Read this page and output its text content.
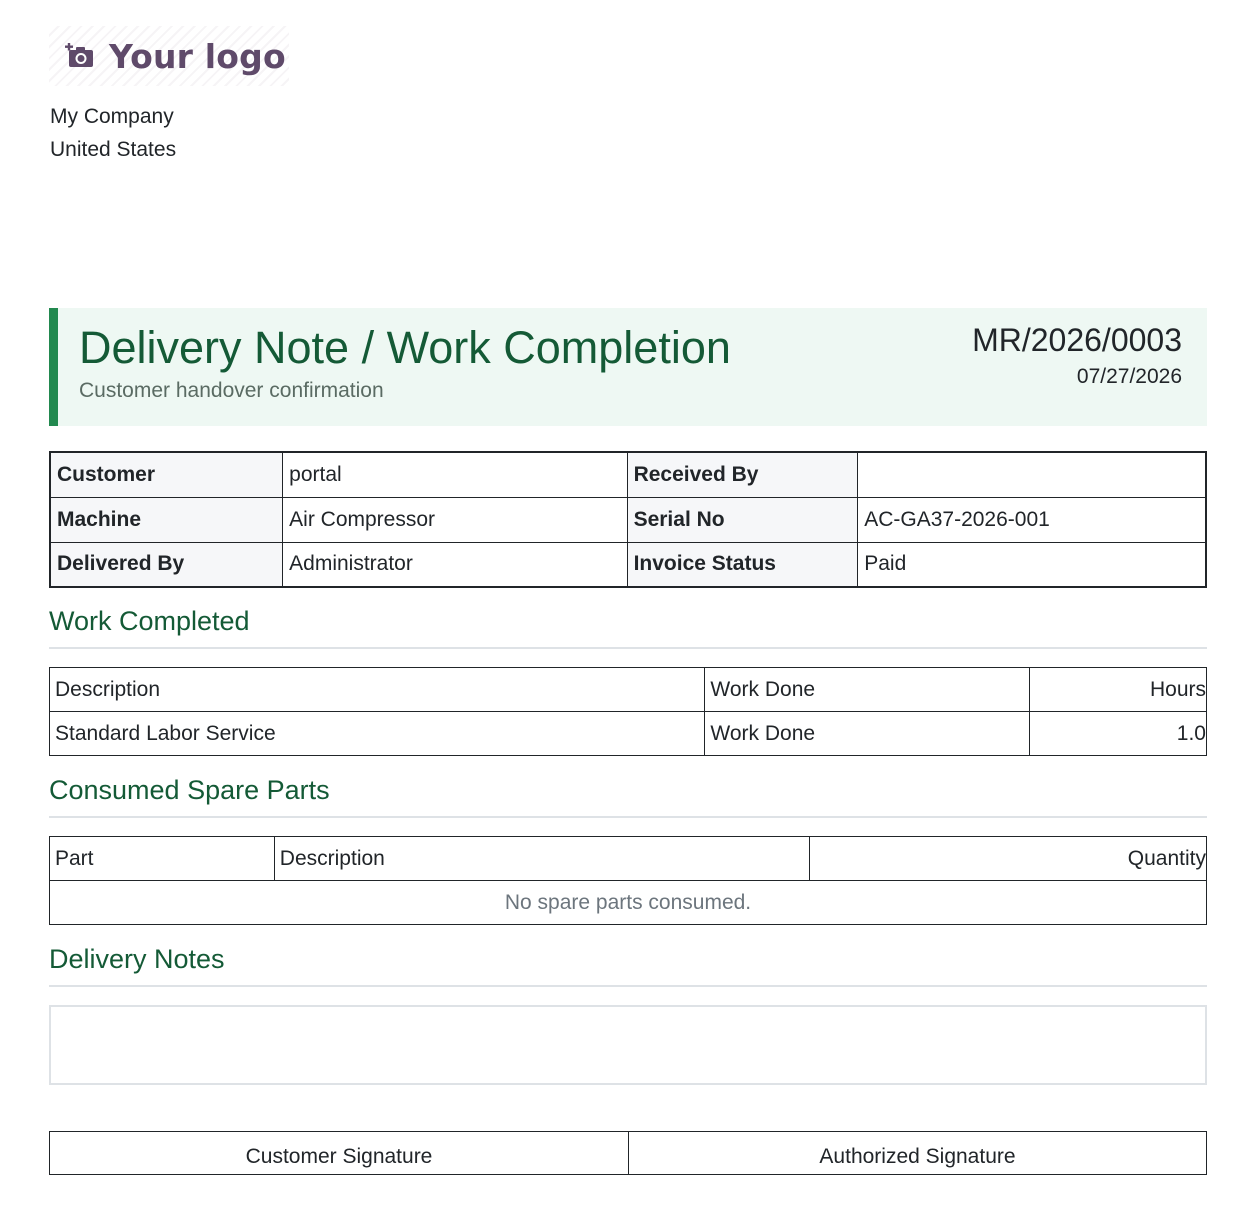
Your logo
My Company
United States
Delivery Note / Work Completion
Customer handover confirmation
MR/2026/0003
07/27/2026
Customer	portal	Received By	
Machine	Air Compressor	Serial No	AC-GA37-2026-001
Delivered By	Administrator	Invoice Status	Paid
Work Completed
Description	Work Done	Hours
Standard Labor Service	Work Done	1.0
Consumed Spare Parts
Part	Description	Quantity
No spare parts consumed.
Delivery Notes
Customer Signature	Authorized Signature
